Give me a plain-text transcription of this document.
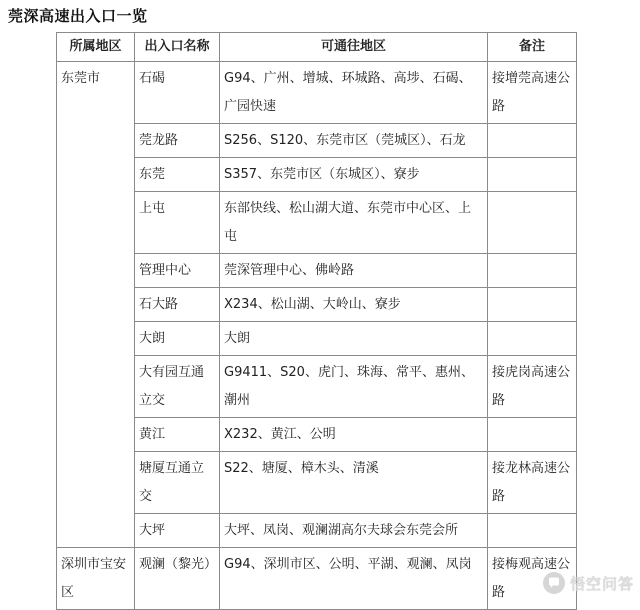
莞深高速出入口一览
所属地区	出入口名称	可通往地区	备注
东莞市	石碣	G94、广州、增城、环城路、高埗、石碣、广园快速	接增莞高速公路
	莞龙路	S256、S120、东莞市区（莞城区）、石龙	
	东莞	S357、东莞市区（东城区）、寮步	
	上屯	东部快线、松山湖大道、东莞市中心区、上屯	
	管理中心	莞深管理中心、佛岭路	
	石大路	X234、松山湖、大岭山、寮步	
	大朗	大朗	
	大有园互通立交	G9411、S20、虎门、珠海、常平、惠州、潮州	接虎岗高速公路
	黄江	X232、黄江、公明	
	塘厦互通立交	S22、塘厦、樟木头、清溪	接龙林高速公路
	大坪	大坪、凤岗、观澜湖高尔夫球会东莞会所	
深圳市宝安区	观澜（黎光）	G94、深圳市区、公明、平湖、观澜、凤岗	接梅观高速公路	悟空问答
